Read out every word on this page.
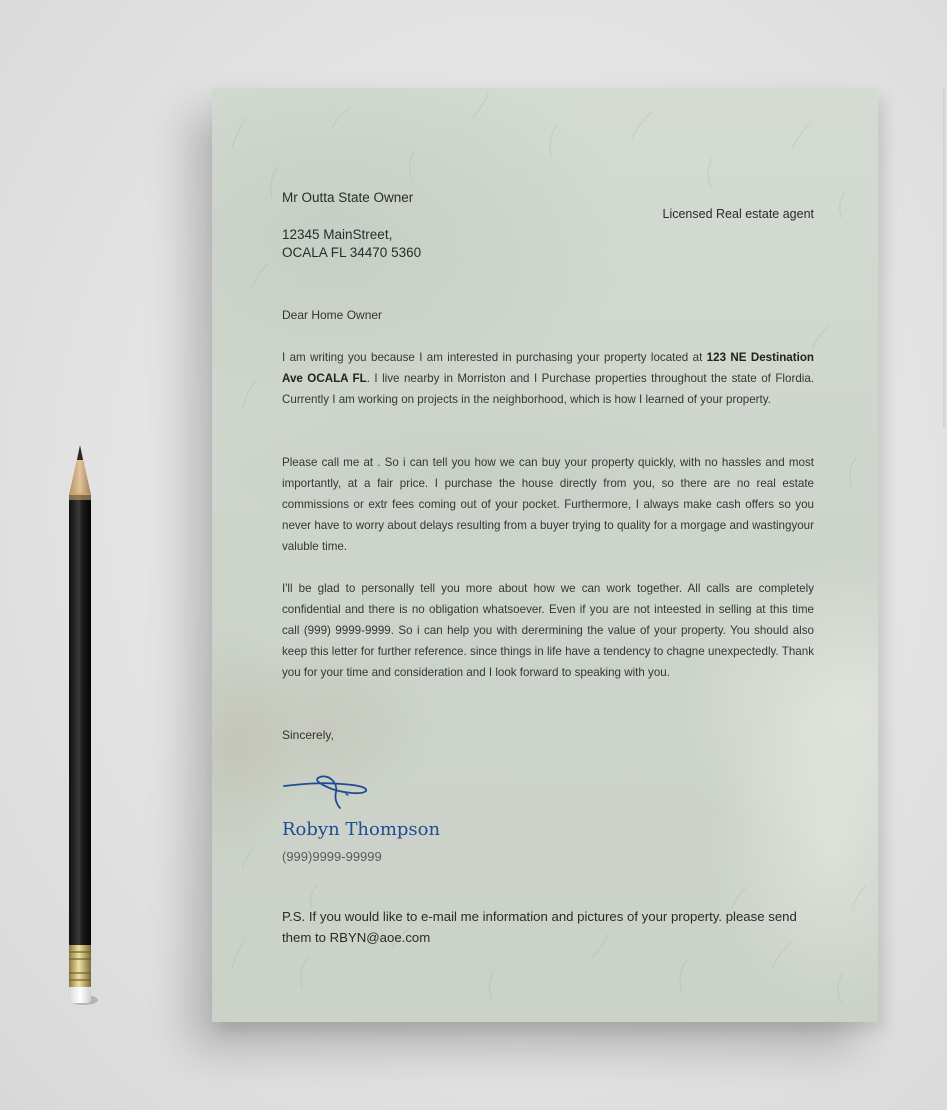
Mr Outta State Owner
12345 MainStreet,
OCALA FL 34470 5360
Licensed Real estate agent
Dear Home Owner
I am writing you because I am interested in purchasing your property located at 123 NE Destination Ave OCALA FL. I live nearby in Morriston and I Purchase properties throughout the state of Flordia. Currently I am working on projects in the neighborhood, which is how I learned of your property.
Please call me at . So i can tell you how we can buy your property quickly, with no hassles and most importantly, at a fair price. I purchase the house directly from you, so there are no real estate commissions or extr fees coming out of your pocket. Furthermore, I always make cash offers so you never have to worry about delays resulting from a buyer trying to quality for a morgage and wastingyour valuble time.
I'll be glad to personally tell you more about how we can work together. All calls are completely confidential and there is no obligation whatsoever. Even if you are not inteested in selling at this time call (999) 9999-9999. So i can help you with derermining the value of your property. You should also keep this letter for further reference. since things in life have a tendency to chagne unexpectedly. Thank you for your time and consideration and I look forward to speaking with you.
Sincerely,
Robyn Thompson
(999)9999-99999
P.S. If you would like to e-mail me information and pictures of your property. please send them to RBYN@aoe.com
